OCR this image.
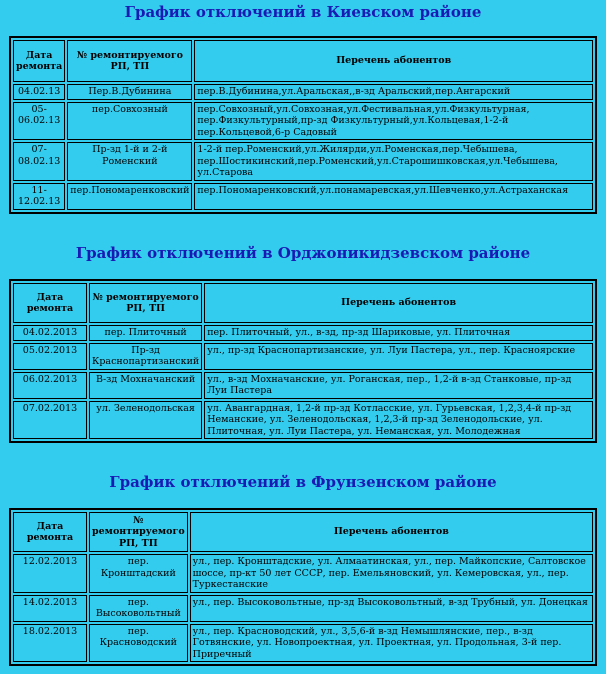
График отключений в Киевском районе
Дата ремонта	№ ремонтируемого РП, ТП	Перечень абонентов
04.02.13	Пер.В.Дубинина	пер.В.Дубинина,ул.Аральская,,в-зд Аральский,пер.Ангарский
05-06.02.13	пер.Совхозный	пер.Совхозный,ул.Совхозная,ул.Фестивальная,ул.Физкультурная, пер.Физкультурный,пр-зд Физкультурный,ул.Кольцевая,1-2-й пер.Кольцевой,6-р Садовый
07-08.02.13	Пр-зд 1-й и 2-й Роменский	1-2-й пер.Роменский,ул.Жилярди,ул.Роменская,пер.Чебышева, пер.Шостикинский,пер.Роменский,ул.Старошишковская,ул.Чебышева, ул.Старова
11-12.02.13	пер.Пономаренковский	пер.Пономаренковский,ул.понамаревская,ул.Шевченко,ул.Астраханская
График отключений в Орджоникидзевском районе
Дата ремонта	№ ремонтируемого РП, ТП	Перечень абонентов
04.02.2013	пер. Плиточный	пер. Плиточный, ул., в-зд, пр-зд Шариковые, ул. Плиточная
05.02.2013	Пр-зд Краснопартизанский	ул., пр-зд Краснопартизанские, ул. Луи Пастера, ул., пер. Красноярские
06.02.2013	В-зд Мохначанский	ул., в-зд Мохначанские, ул. Роганская, пер., 1,2-й в-зд Станковые, пр-зд Луи Пастера
07.02.2013	ул. Зеленодольская	ул. Авангардная, 1,2-й пр-зд Котласские, ул. Гурьевская, 1,2,3,4-й пр-зд Неманские, ул. Зеленодольская, 1,2,3-й пр-зд Зеленодольские, ул. Плиточная, ул. Луи Пастера, ул. Неманская, ул. Молодежная
График отключений в Фрунзенском районе
Дата ремонта	№ ремонтируемого РП, ТП	Перечень абонентов
12.02.2013	пер. Кронштадский	ул., пер. Кронштадские, ул. Алмаатинская, ул., пер. Майкопские, Салтовское шоссе, пр-кт 50 лет СССР, пер. Емельяновский, ул. Кемеровская, ул., пер. Туркестанские
14.02.2013	пер. Высоковольтный	ул., пер. Высоковольтные, пр-зд Высоковольтный, в-зд Трубный, ул. Донецкая
18.02.2013	пер. Красноводский	ул., пер. Красноводский, ул., 3,5,6-й в-зд Немышлянские, пер., в-зд Готвянские, ул. Новопроектная, ул. Проектная, ул. Продольная, 3-й пер. Приречный
